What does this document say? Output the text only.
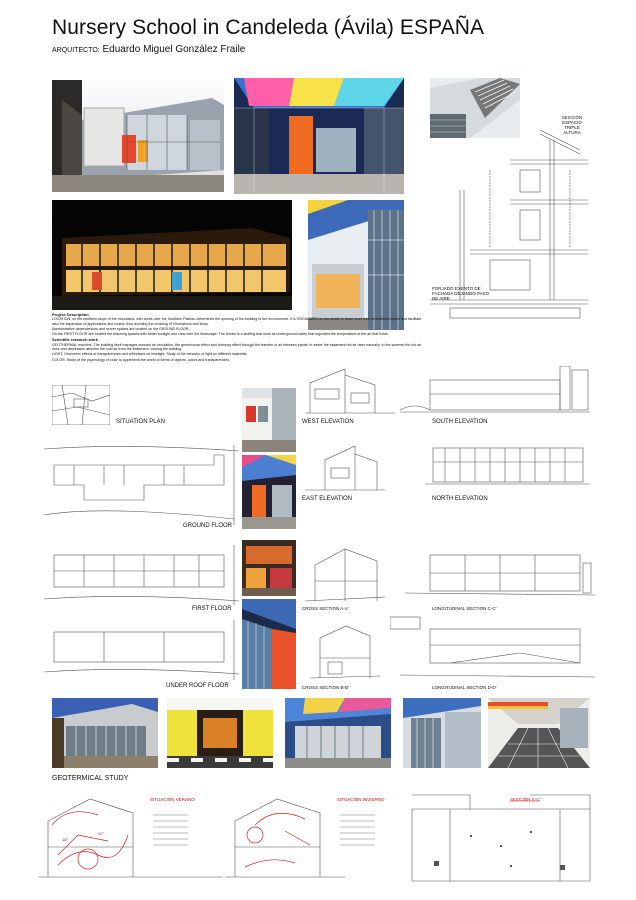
Nursery School in Candeleda (Ávila) ESPAÑA
ARQUITECTO: Eduardo Miguel González Fraile
SECCIÓN ESPACIO TRIPLE ALTURA
FORJADO EXENTO DE FACHADA DEJANDO PASO DE AIRE
Project Description

LOCATION, on the southern slope of the mountains, with views over the Southern Plateau determines the opening of the building to the environment. It is ORGANIZED on two levels to leave more free recreational space and facilitate also the separation of applications and routes, thus avoiding the crossing of Circulations and flows.

Administrative dependencies and server spaces are located on the GROUND FLOOR.

On the FIRST FLOOR are located the teaching spaces with better sunlight and view over the landscape. The terrain is a stuffing that work as underground cavity that regulates the temperature of the air that holds.

Scientific research work

GEOTHERMAL machine. The building itself manages crossed air circulation, the greenhouse effect and chimney effect through the transfer of air between plants: in winter the basement hot air rises naturally; in the summer the hot air rises and depression absorbs the cold air from the basement, cooling the building.

LIGHT. Geometric effects of transparencies and reflections on limelight. Study of the behavior of light on different materials.

COLOR. Study of the psychology of color to apprehend the world of forms of objects, colors and transparencies.

SITUATION PLAN	WEST ELEVATION	SOUTH ELEVATION
EAST ELEVATION	NORTH ELEVATION
GROUND FLOOR
FIRST FLOOR
UNDER ROOF FLOOR
CROSS SECTION A-A'	LONGITUDINAL SECTION C-C'
CROSS SECTION B-B'	LONGITUDINAL SECTION D-D'
GEOTERMICAL STUDY
12°
18°
SITUACIÓN VERANO	SITUACIÓN INVIERNO	SECCIÓN C-C'
